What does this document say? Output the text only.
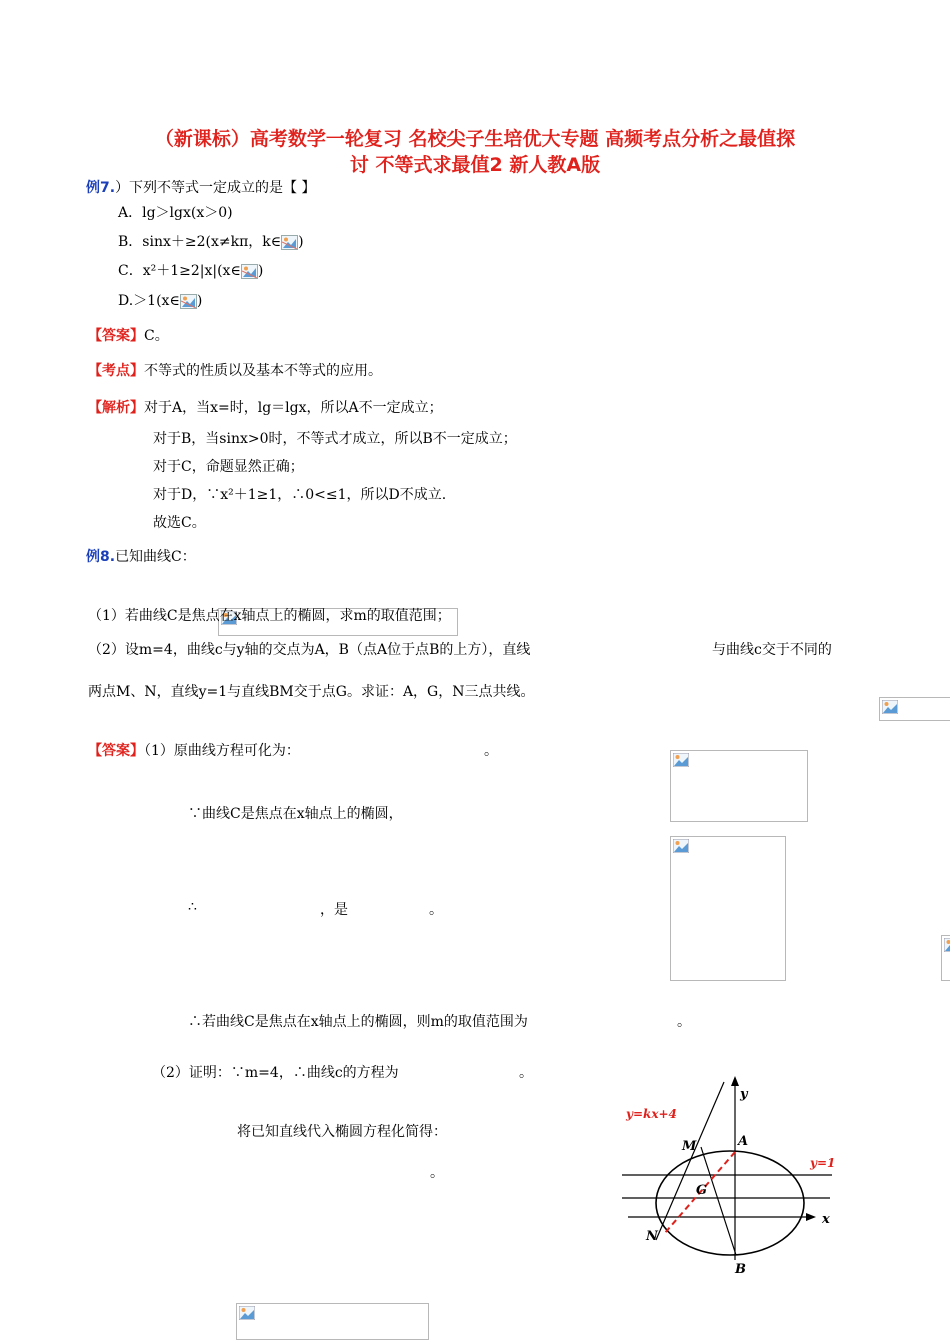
（新课标）高考数学一轮复习 名校尖子生培优大专题 高频考点分析之最值探
讨 不等式求最值2 新人教A版
例7.）下列不等式一定成立的是【 】
A．lg＞lgx(x＞0)
B．sinx＋≥2(x≠kπ，k∈ )
C．x²＋1≥2|x|(x∈ )
D.＞1(x∈ )
【答案】C。
【考点】不等式的性质以及基本不等式的应用。
【解析】对于A，当x=时，lg＝lgx，所以A不一定成立；
对于B，当sinx>0时，不等式才成立，所以B不一定成立；
对于C，命题显然正确；
对于D，∵x²＋1≥1，∴0<≤1，所以D不成立.
故选C。
例8.已知曲线C：

（1）若曲线C是焦点在x轴点上的椭圆，求m的取值范围；
（2）设m=4，曲线c与y轴的交点为A，B（点A位于点B的上方），直线
	与曲线c交于不同的
两点M、N，直线y=1与直线BM交于点G。求证：A，G，N三点共线。
【答案】（1）原曲线方程可化为：
	。
∵曲线C是焦点在x轴点上的椭圆，
∴
	，是
	。
∴若曲线C是焦点在x轴点上的椭圆，则m的取值范围为
	。
（2）证明：∵m=4，∴曲线c的方程为
	。
将已知直线代入椭圆方程化简得：
。
y=kx+4
y=1
y
x
A
B
M
N
G
